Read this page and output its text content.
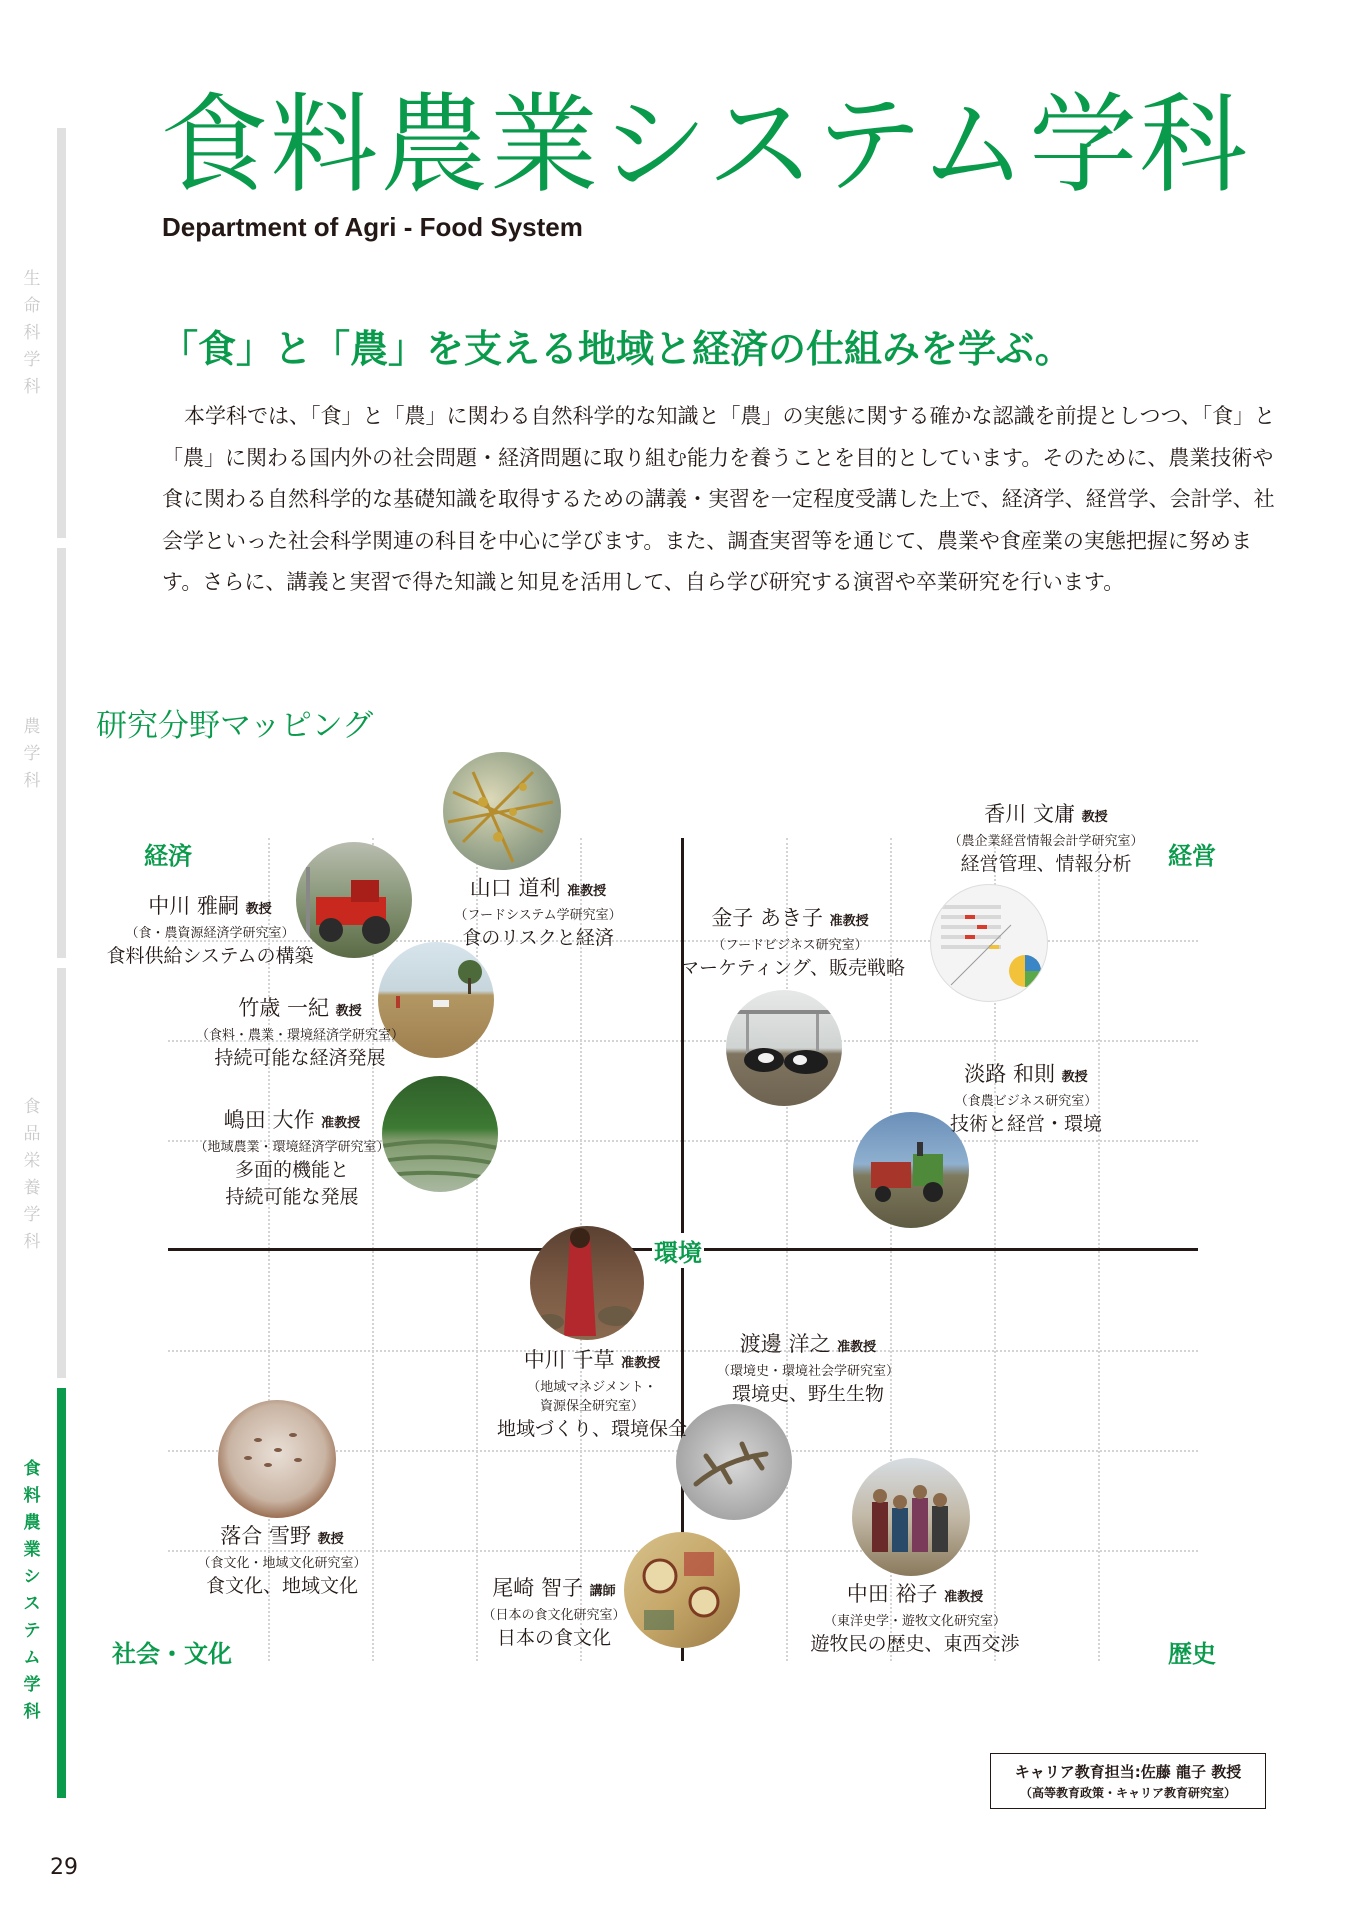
生命科学科
農学科
食品栄養学科
食料農業システム学科
食料農業システム学科
Department of Agri - Food System
「食」と「農」を支える地域と経済の仕組みを学ぶ。
本学科では、「食」と「農」に関わる自然科学的な知識と「農」の実態に関する確かな認識を前提としつつ、「食」と「農」に関わる国内外の社会問題・経済問題に取り組む能力を養うことを目的としています。そのために、農業技術や食に関わる自然科学的な基礎知識を取得するための講義・実習を一定程度受講した上で、経済学、経営学、会計学、社会学といった社会科学関連の科目を中心に学びます。また、調査実習等を通じて、農業や食産業の実態把握に努めます。さらに、講義と実習で得た知識と知見を活用して、自ら学び研究する演習や卒業研究を行います。
研究分野マッピング
経済	経営
環境
社会・文化	歴史
香川 文庸 教授
（農企業経営情報会計学研究室）
経営管理、情報分析
山口 道利 准教授
（フードシステム学研究室）
食のリスクと経済
中川 雅嗣 教授
（食・農資源経済学研究室）
食料供給システムの構築
金子 あき子 准教授
（フードビジネス研究室）
マーケティング、販売戦略
竹歳 一紀 教授
（食料・農業・環境経済学研究室）
持続可能な経済発展
淡路 和則 教授
（食農ビジネス研究室）
技術と経営・環境
嶋田 大作 准教授
（地域農業・環境経済学研究室）
多面的機能と
持続可能な発展
中川 千草 准教授
（地域マネジメント・
資源保全研究室）
地域づくり、環境保全
渡邊 洋之 准教授
（環境史・環境社会学研究室）
環境史、野生生物
落合 雪野 教授
（食文化・地域文化研究室）
食文化、地域文化	尾崎 智子 講師
（日本の食文化研究室）
日本の食文化
中田 裕子 准教授
（東洋史学・遊牧文化研究室）
遊牧民の歴史、東西交渉
キャリア教育担当:佐藤 龍子 教授
（高等教育政策・キャリア教育研究室）
29
